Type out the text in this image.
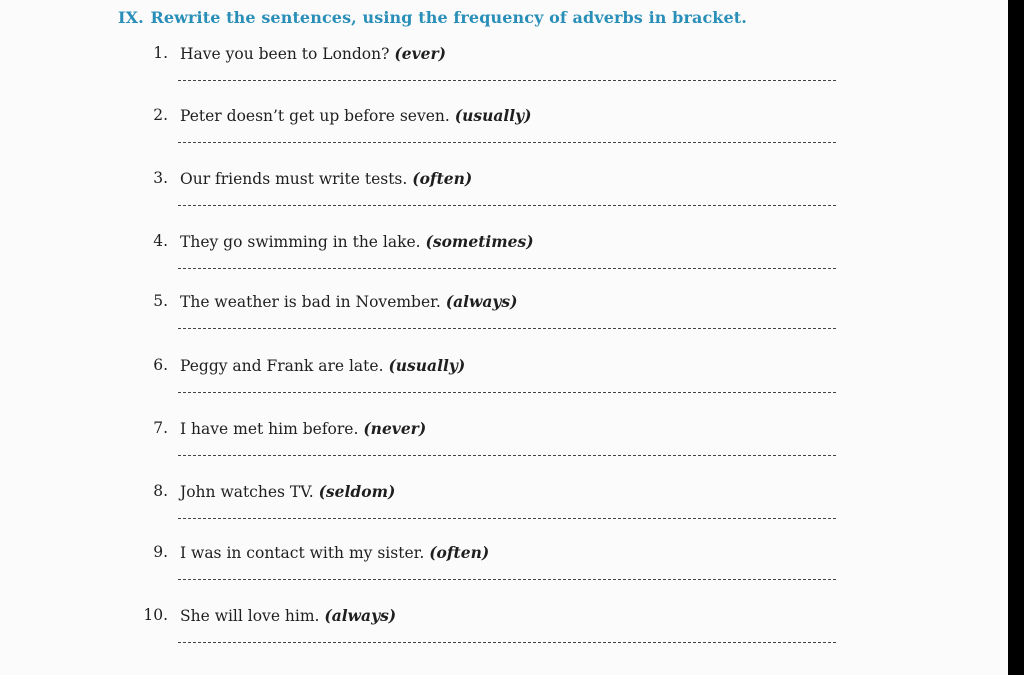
IX. Rewrite the sentences, using the frequency of adverbs in bracket.
1. Have you been to London? (ever)
2. Peter doesn’t get up before seven. (usually)
3. Our friends must write tests. (often)
4. They go swimming in the lake. (sometimes)
5. The weather is bad in November. (always)
6. Peggy and Frank are late. (usually)
7. I have met him before. (never)
8. John watches TV. (seldom)
9. I was in contact with my sister. (often)
10. She will love him. (always)
